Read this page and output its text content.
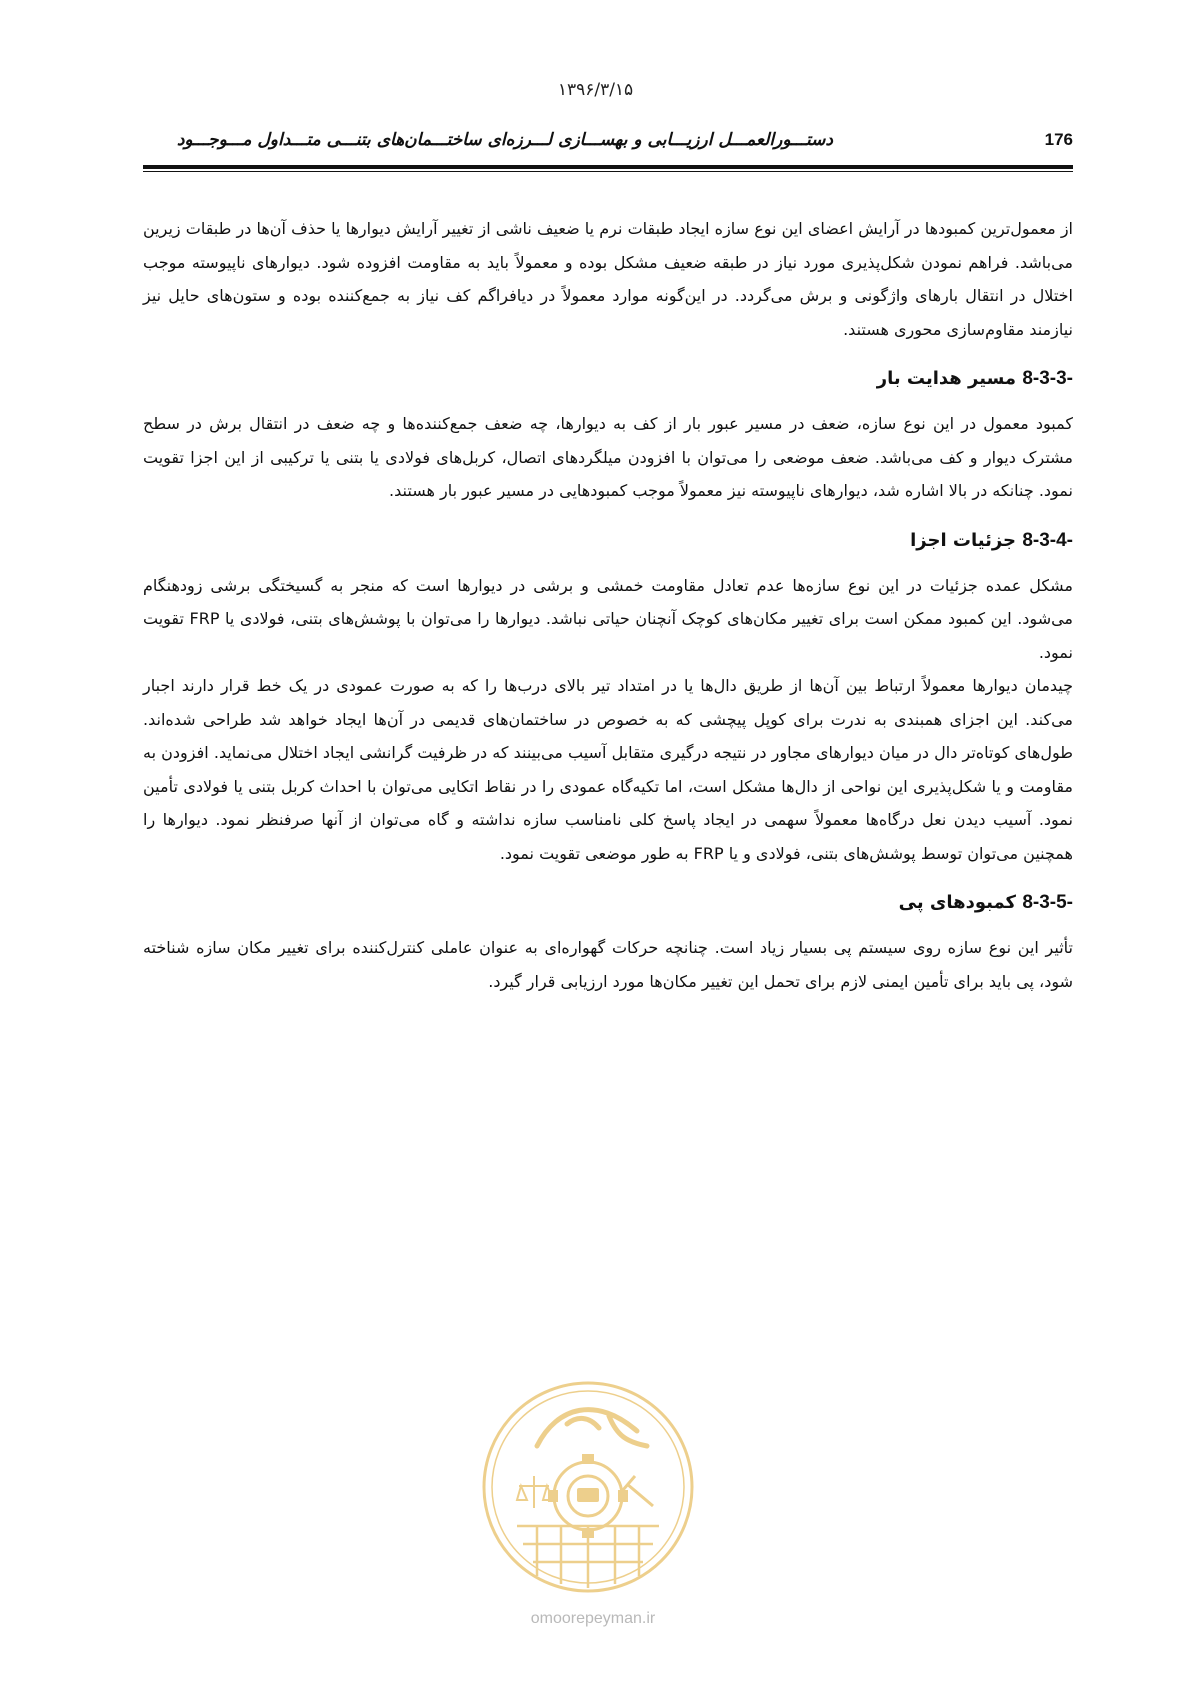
۱۳۹۶/۳/۱۵
176
دستـــورالعمـــل ارزیـــابی و بهســـازی لـــرزه‌ای ساختـــمان‌های بتنـــی متـــداول مـــوجـــود

از معمول‌ترین کمبودها در آرایش اعضای این نوع سازه ایجاد طبقات نرم یا ضعیف ناشی از تغییر آرایش دیوارها یا حذف آن‌ها در طبقات زیرین می‌باشد. فراهم نمودن شکل‌پذیری مورد نیاز در طبقه ضعیف مشکل بوده و معمولاً باید به مقاومت افزوده شود. دیوارهای ناپیوسته موجب اختلال در انتقال بارهای واژگونی و برش می‌گردد. در این‌گونه موارد معمولاً در دیافراگم کف نیاز به جمع‌کننده بوده و ستون‌های حایل نیز نیازمند مقاوم‌سازی محوری هستند.

8-3-3- مسیر هدایت بار

کمبود معمول در این نوع سازه، ضعف در مسیر عبور بار از کف به دیوارها، چه ضعف جمع‌کننده‌ها و چه ضعف در انتقال برش در سطح مشترک دیوار و کف می‌باشد. ضعف موضعی را می‌توان با افزودن میلگردهای اتصال، کربل‌های فولادی یا بتنی یا ترکیبی از این اجزا تقویت نمود. چنانکه در بالا اشاره شد، دیوارهای ناپیوسته نیز معمولاً موجب کمبودهایی در مسیر عبور بار هستند.

8-3-4- جزئیات اجزا

مشکل عمده جزئیات در این نوع سازه‌ها عدم تعادل مقاومت خمشی و برشی در دیوارها است که منجر به گسیختگی برشی زودهنگام می‌شود. این کمبود ممکن است برای تغییر مکان‌های کوچک آنچنان حیاتی نباشد. دیوارها را می‌توان با پوشش‌های بتنی، فولادی یا FRP تقویت نمود.

چیدمان دیوارها معمولاً ارتباط بین آن‌ها از طریق دال‌ها یا در امتداد تیر بالای درب‌ها را که به صورت عمودی در یک خط قرار دارند اجبار می‌کند. این اجزای همبندی به ندرت برای کوپل پیچشی که به خصوص در ساختمان‌های قدیمی در آن‌ها ایجاد خواهد شد طراحی شده‌اند. طول‌های کوتاه‌تر دال در میان دیوارهای مجاور در نتیجه درگیری متقابل آسیب می‌بینند که در ظرفیت گرانشی ایجاد اختلال می‌نماید. افزودن به مقاومت و یا شکل‌پذیری این نواحی از دال‌ها مشکل است، اما تکیه‌گاه عمودی را در نقاط اتکایی می‌توان با احداث کربل بتنی یا فولادی تأمین نمود. آسیب دیدن نعل درگاه‌ها معمولاً سهمی در ایجاد پاسخ کلی نامناسب سازه نداشته و گاه می‌توان از آنها صرفنظر نمود. دیوارها را همچنین می‌توان توسط پوشش‌های بتنی، فولادی و یا FRP به طور موضعی تقویت نمود.

8-3-5- کمبودهای پی

تأثیر این نوع سازه روی سیستم پی بسیار زیاد است. چنانچه حرکات گهواره‌ای به عنوان عاملی کنترل‌کننده برای تغییر مکان سازه شناخته شود، پی باید برای تأمین ایمنی لازم برای تحمل این تغییر مکان‌ها مورد ارزیابی قرار گیرد.

omoorepeyman.ir
